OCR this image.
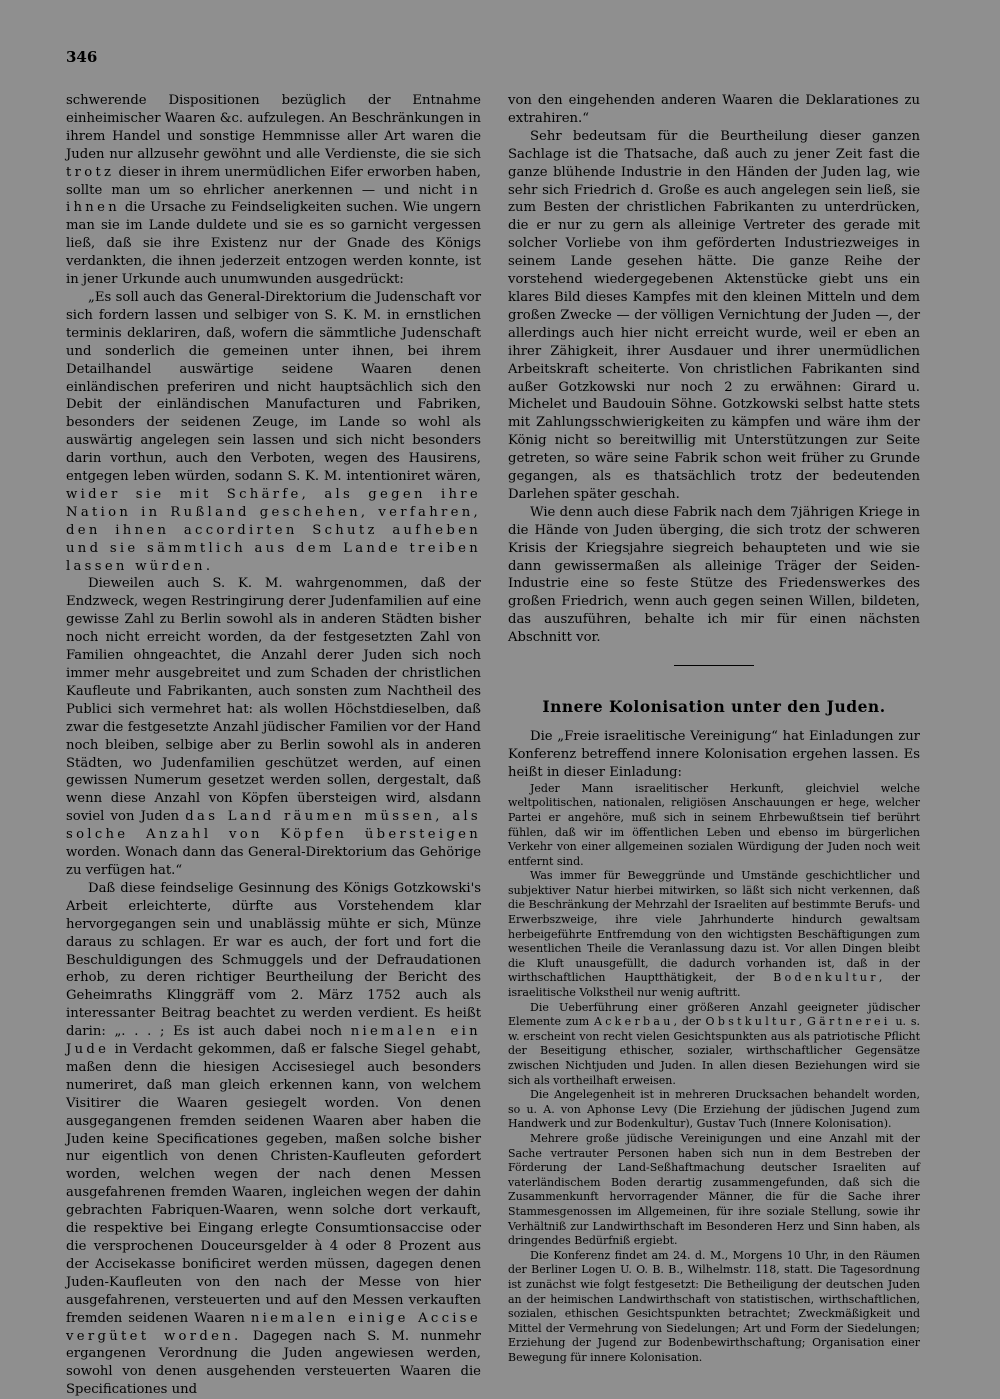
346

schwerende Dispositionen bezüglich der Entnahme einheimischer Waaren &c. aufzulegen. An Beschränkungen in ihrem Handel und sonstige Hemmnisse aller Art waren die Juden nur allzusehr gewöhnt und alle Verdienste, die sie sich trotz dieser in ihrem unermüdlichen Eifer erworben haben, sollte man um so ehrlicher anerkennen — und nicht in ihnen die Ursache zu Feindseligkeiten suchen. Wie ungern man sie im Lande duldete und sie es so garnicht vergessen ließ, daß sie ihre Existenz nur der Gnade des Königs verdankten, die ihnen jederzeit entzogen werden konnte, ist in jener Urkunde auch unumwunden ausgedrückt:

„Es soll auch das General-Direktorium die Judenschaft vor sich fordern lassen und selbiger von S. K. M. in ernstlichen terminis deklariren, daß, wofern die sämmtliche Judenschaft und sonderlich die gemeinen unter ihnen, bei ihrem Detailhandel auswärtige seidene Waaren denen einländischen preferiren und nicht hauptsächlich sich den Debit der einländischen Manufacturen und Fabriken, besonders der seidenen Zeuge, im Lande so wohl als auswärtig angelegen sein lassen und sich nicht besonders darin vorthun, auch den Verboten, wegen des Hausirens, entgegen leben würden, sodann S. K. M. intentioniret wären, wider sie mit Schärfe, als gegen ihre Nation in Rußland geschehen, verfahren, den ihnen accordirten Schutz aufheben und sie sämmtlich aus dem Lande treiben lassen würden.

Dieweilen auch S. K. M. wahrgenommen, daß der Endzweck, wegen Restringirung derer Judenfamilien auf eine gewisse Zahl zu Berlin sowohl als in anderen Städten bisher noch nicht erreicht worden, da der festgesetzten Zahl von Familien ohngeachtet, die Anzahl derer Juden sich noch immer mehr ausgebreitet und zum Schaden der christlichen Kaufleute und Fabrikanten, auch sonsten zum Nachtheil des Publici sich vermehret hat: als wollen Höchstdieselben, daß zwar die festgesetzte Anzahl jüdischer Familien vor der Hand noch bleiben, selbige aber zu Berlin sowohl als in anderen Städten, wo Judenfamilien geschützet werden, auf einen gewissen Numerum gesetzet werden sollen, dergestalt, daß wenn diese Anzahl von Köpfen übersteigen wird, alsdann soviel von Juden das Land räumen müssen, als solche Anzahl von Köpfen übersteigen worden. Wonach dann das General-Direktorium das Gehörige zu verfügen hat.“

Daß diese feindselige Gesinnung des Königs Gotzkowski's Arbeit erleichterte, dürfte aus Vorstehendem klar hervorgegangen sein und unablässig mühte er sich, Münze daraus zu schlagen. Er war es auch, der fort und fort die Beschuldigungen des Schmuggels und der Defraudationen erhob, zu deren richtiger Beurtheilung der Bericht des Geheimraths Klinggräff vom 2. März 1752 auch als interessanter Beitrag beachtet zu werden verdient. Es heißt darin: „. . . ; Es ist auch dabei noch niemalen ein Jude in Verdacht gekommen, daß er falsche Siegel gehabt, maßen denn die hiesigen Accisesiegel auch besonders numeriret, daß man gleich erkennen kann, von welchem Visitirer die Waaren gesiegelt worden. Von denen ausgegangenen fremden seidenen Waaren aber haben die Juden keine Specificationes gegeben, maßen solche bisher nur eigentlich von denen Christen-Kaufleuten gefordert worden, welchen wegen der nach denen Messen ausgefahrenen fremden Waaren, ingleichen wegen der dahin gebrachten Fabriquen-Waaren, wenn solche dort verkauft, die respektive bei Eingang erlegte Consumtionsaccise oder die versprochenen Douceursgelder à 4 oder 8 Prozent aus der Accisekasse bonificiret werden müssen, dagegen denen Juden-Kaufleuten von den nach der Messe von hier ausgefahrenen, versteuerten und auf den Messen verkauften fremden seidenen Waaren niemalen einige Accise vergütet worden. Dagegen nach S. M. nunmehr ergangenen Verordnung die Juden angewiesen werden, sowohl von denen ausgehenden versteuerten Waaren die Specificationes und

von den eingehenden anderen Waaren die Deklarationes zu extrahiren.“

Sehr bedeutsam für die Beurtheilung dieser ganzen Sachlage ist die Thatsache, daß auch zu jener Zeit fast die ganze blühende Industrie in den Händen der Juden lag, wie sehr sich Friedrich d. Große es auch angelegen sein ließ, sie zum Besten der christlichen Fabrikanten zu unterdrücken, die er nur zu gern als alleinige Vertreter des gerade mit solcher Vorliebe von ihm geförderten Industriezweiges in seinem Lande gesehen hätte. Die ganze Reihe der vorstehend wiedergegebenen Aktenstücke giebt uns ein klares Bild dieses Kampfes mit den kleinen Mitteln und dem großen Zwecke — der völligen Vernichtung der Juden —, der allerdings auch hier nicht erreicht wurde, weil er eben an ihrer Zähigkeit, ihrer Ausdauer und ihrer unermüdlichen Arbeitskraft scheiterte. Von christlichen Fabrikanten sind außer Gotzkowski nur noch 2 zu erwähnen: Girard u. Michelet und Baudouin Söhne. Gotzkowski selbst hatte stets mit Zahlungsschwierigkeiten zu kämpfen und wäre ihm der König nicht so bereitwillig mit Unterstützungen zur Seite getreten, so wäre seine Fabrik schon weit früher zu Grunde gegangen, als es thatsächlich trotz der bedeutenden Darlehen später geschah.

Wie denn auch diese Fabrik nach dem 7jährigen Kriege in die Hände von Juden überging, die sich trotz der schweren Krisis der Kriegsjahre siegreich behaupteten und wie sie dann gewissermaßen als alleinige Träger der Seiden-Industrie eine so feste Stütze des Friedenswerkes des großen Friedrich, wenn auch gegen seinen Willen, bildeten, das auszuführen, behalte ich mir für einen nächsten Abschnitt vor.

Innere Kolonisation unter den Juden.

Die „Freie israelitische Vereinigung“ hat Einladungen zur Konferenz betreffend innere Kolonisation ergehen lassen. Es heißt in dieser Einladung:

Jeder Mann israelitischer Herkunft, gleichviel welche weltpolitischen, nationalen, religiösen Anschauungen er hege, welcher Partei er angehöre, muß sich in seinem Ehrbewußtsein tief berührt fühlen, daß wir im öffentlichen Leben und ebenso im bürgerlichen Verkehr von einer allgemeinen sozialen Würdigung der Juden noch weit entfernt sind.

Was immer für Beweggründe und Umstände geschichtlicher und subjektiver Natur hierbei mitwirken, so läßt sich nicht verkennen, daß die Beschränkung der Mehrzahl der Israeliten auf bestimmte Berufs- und Erwerbszweige, ihre viele Jahrhunderte hindurch gewaltsam herbeigeführte Entfremdung von den wichtigsten Beschäftigungen zum wesentlichen Theile die Veranlassung dazu ist. Vor allen Dingen bleibt die Kluft unausgefüllt, die dadurch vorhanden ist, daß in der wirthschaftlichen Hauptthätigkeit, der Bodenkultur, der israelitische Volkstheil nur wenig auftritt.

Die Ueberführung einer größeren Anzahl geeigneter jüdischer Elemente zum Ackerbau, der Obstkultur, Gärtnerei u. s. w. erscheint von recht vielen Gesichtspunkten aus als patriotische Pflicht der Beseitigung ethischer, sozialer, wirthschaftlicher Gegensätze zwischen Nichtjuden und Juden. In allen diesen Beziehungen wird sie sich als vortheilhaft erweisen.

Die Angelegenheit ist in mehreren Drucksachen behandelt worden, so u. A. von Aphonse Levy (Die Erziehung der jüdischen Jugend zum Handwerk und zur Bodenkultur), Gustav Tuch (Innere Kolonisation).

Mehrere große jüdische Vereinigungen und eine Anzahl mit der Sache vertrauter Personen haben sich nun in dem Bestreben der Förderung der Land-Seßhaftmachung deutscher Israeliten auf vaterländischem Boden derartig zusammengefunden, daß sich die Zusammenkunft hervorragender Männer, die für die Sache ihrer Stammesgenossen im Allgemeinen, für ihre soziale Stellung, sowie ihr Verhältniß zur Landwirthschaft im Besonderen Herz und Sinn haben, als dringendes Bedürfniß ergiebt.

Die Konferenz findet am 24. d. M., Morgens 10 Uhr, in den Räumen der Berliner Logen U. O. B. B., Wilhelmstr. 118, statt. Die Tagesordnung ist zunächst wie folgt festgesetzt: Die Betheiligung der deutschen Juden an der heimischen Landwirthschaft von statistischen, wirthschaftlichen, sozialen, ethischen Gesichtspunkten betrachtet; Zweckmäßigkeit und Mittel der Vermehrung von Siedelungen; Art und Form der Siedelungen; Erziehung der Jugend zur Bodenbewirthschaftung; Organisation einer Bewegung für innere Kolonisation.
